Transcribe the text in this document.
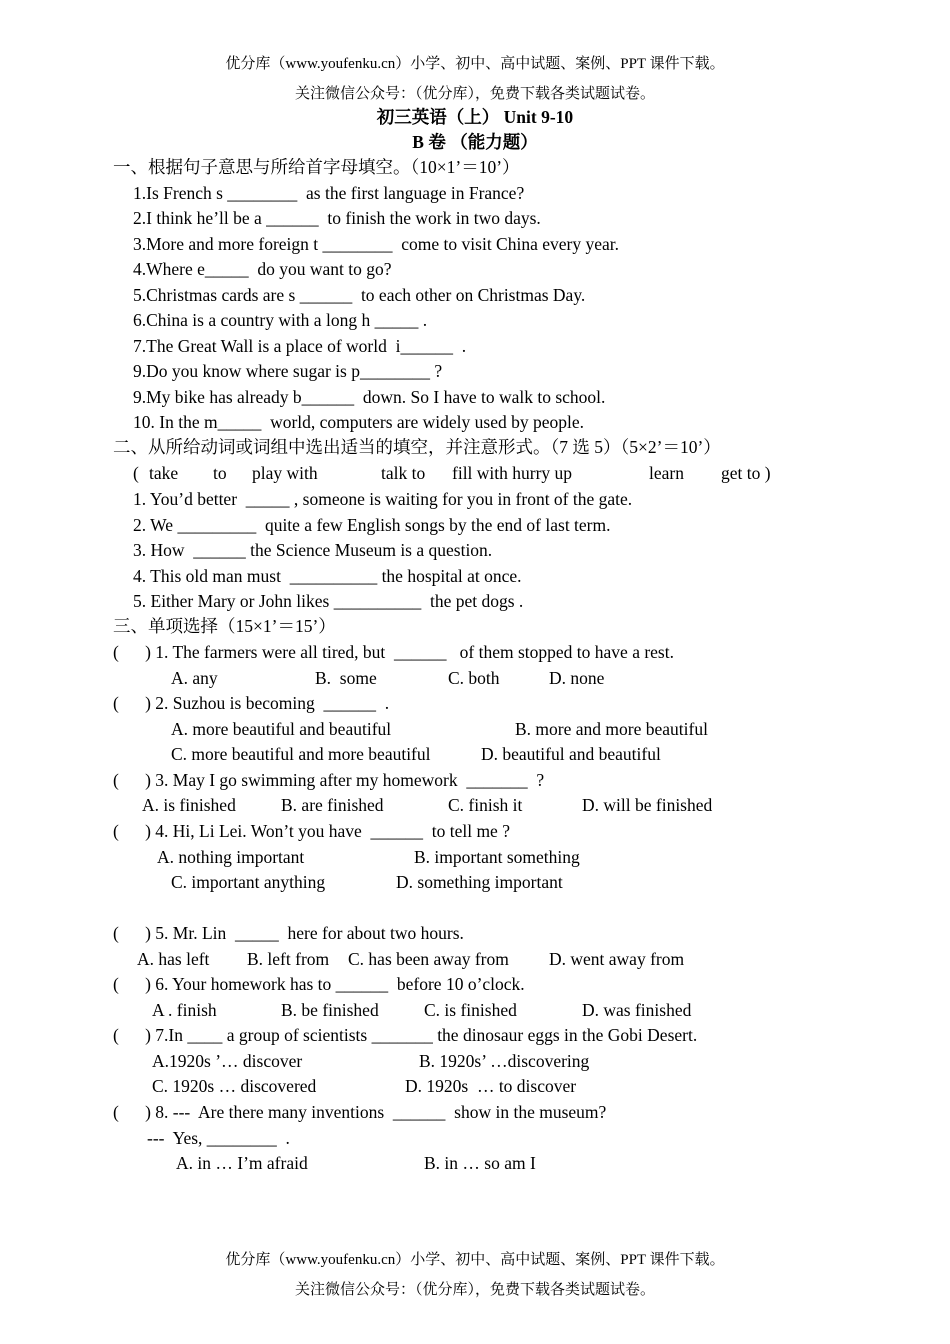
优分库（www.youfenku.cn）小学、初中、高中试题、案例、PPT 课件下载。
关注微信公众号：（优分库），免费下载各类试题试卷。
初三英语（上） Unit 9-10
B 卷 （能力题）
一、根据句子意思与所给首字母填空。（10×1’＝10’）
1.Is French s ________  as the first language in France?
2.I think he’ll be a ______  to finish the work in two days.
3.More and more foreign t ________  come to visit China every year.
4.Where e_____  do you want to go?
5.Christmas cards are s ______  to each other on Christmas Day.
6.China is a country with a long h _____ .
7.The Great Wall is a place of world  i______  .
9.Do you know where sugar is p________ ?
9.My bike has already b______  down. So I have to walk to school.
10. In the m_____  world, computers are widely used by people.
二、从所给动词或词组中选出适当的填空，并注意形式。（7 选 5）（5×2’＝10’）
( take to play with	talk to fill with hurry up	learn get to )
1. You’d better  _____ , someone is waiting for you in front of the gate.
2. We _________  quite a few English songs by the end of last term.
3. How  ______ the Science Museum is a question.
4. This old man must  __________ the hospital at once.
5. Either Mary or John likes __________  the pet dogs .
三、单项选择（15×1’＝15’）
(      ) 1. The farmers were all tired, but  ______   of them stopped to have a rest.
A. any	B.  some	C. both	D. none
(      ) 2. Suzhou is becoming  ______  .
A. more beautiful and beautiful	B. more and more beautiful
C. more beautiful and more beautiful	D. beautiful and beautiful
(      ) 3. May I go swimming after my homework  _______  ?
A. is finished	B. are finished	C. finish it	D. will be finished
(      ) 4. Hi, Li Lei. Won’t you have  ______  to tell me ?
A. nothing important	B. important something
C. important anything	D. something important
(      ) 5. Mr. Lin  _____  here for about two hours.
A. has left B. left from C. has been away from D. went away from
(      ) 6. Your homework has to ______  before 10 o’clock.
A . finish	B. be finished	C. is finished	D. was finished
(      ) 7.In ____ a group of scientists _______ the dinosaur eggs in the Gobi Desert.
A.1920s ’… discover	B. 1920s’ …discovering
C. 1920s … discovered	D. 1920s  … to discover
(      ) 8. ---  Are there many inventions  ______  show in the museum?
---  Yes, ________  .
A. in … I’m afraid	B. in … so am I
优分库（www.youfenku.cn）小学、初中、高中试题、案例、PPT 课件下载。
关注微信公众号：（优分库），免费下载各类试题试卷。
